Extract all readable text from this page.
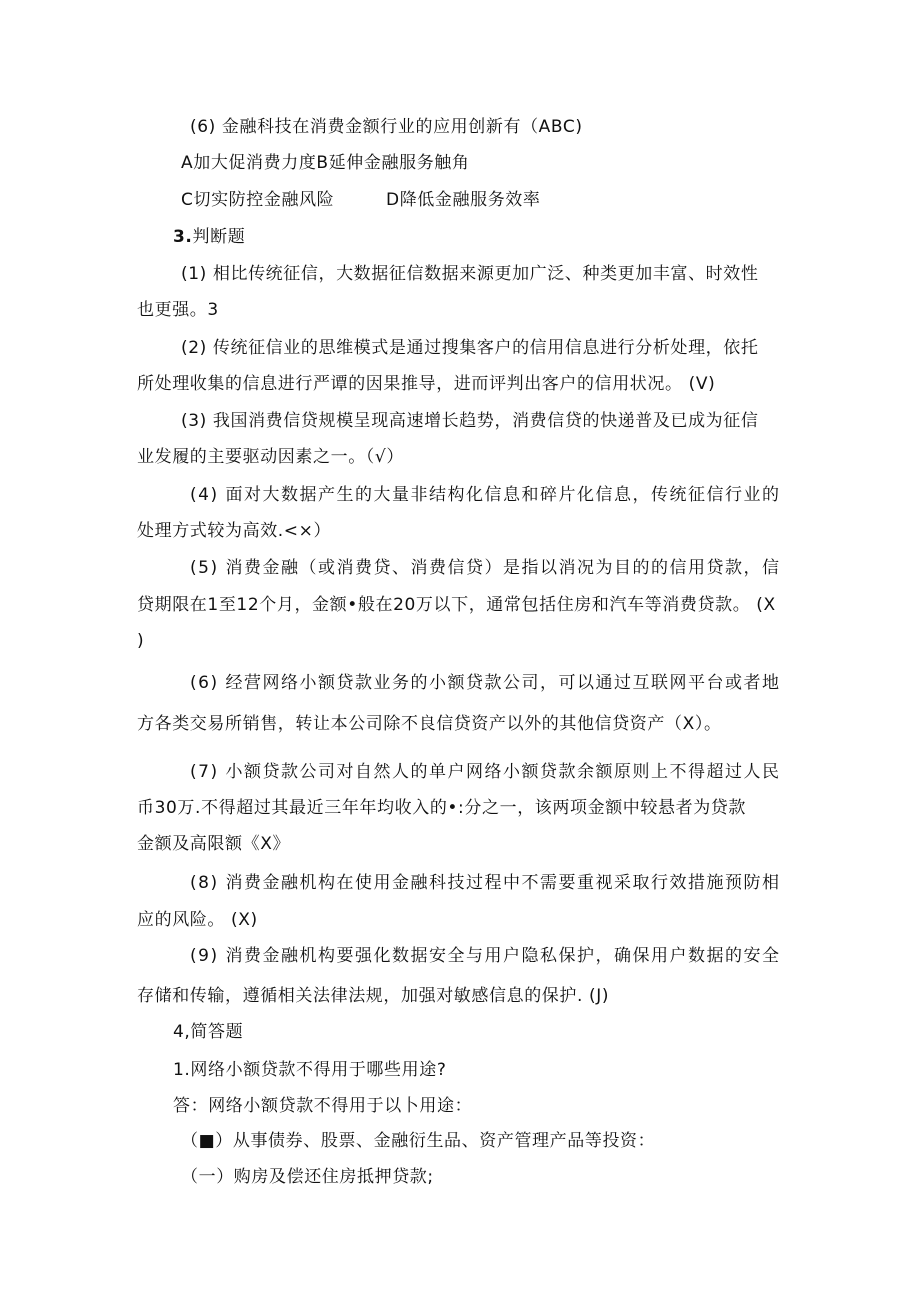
(6) 金融科技在消费金额行业的应用创新有（ABC)
A加大促消费力度B延伸金融服务触角
C切实防控金融风险	D降低金融服务效率
3.判断题
(1) 相比传统征信，大数据征信数据来源更加广泛、种类更加丰富、时效性
也更强。3
(2) 传统征信业的思维模式是通过搜集客户的信用信息进行分析处理，依托
所处理收集的信息进行严谭的因果推导，进而评判出客户的信用状况。 (V)
(3) 我国消费信贷规模呈现高速增长趋势，消费信贷的快递普及已成为征信
业发履的主要驱动因素之一。（√）
(4) 面对大数据产生的大量非结构化信息和碎片化信息，传统征信行业的
处理方式较为高效.<×）
(5) 消费金融（或消费贷、消费信贷）是指以消况为目的的信用贷款，信
贷期限在1至12个月，金额•般在20万以下，通常包括住房和汽车等消费贷款。 (X
)
(6) 经营网络小额贷款业务的小额贷款公司，可以通过互联网平台或者地
方各类交易所销售，转让本公司除不良信贷资产以外的其他信贷资产（X）。
(7) 小额贷款公司对自然人的单户网络小额贷款余额原则上不得超过人民
币30万.不得超过其最近三年年均收入的•:分之一，该两项金额中较悬者为贷款
金额及高限额《X》
(8) 消费金融机构在使用金融科技过程中不需要重视采取行效措施预防相
应的风险。 (X)
(9) 消费金融机构要强化数据安全与用户隐私保护，确保用户数据的安全
存储和传输，遵循相关法律法规，加强对敏感信息的保护. (J)
4,简答题
1.网络小额贷款不得用于哪些用途?
答：网络小额贷款不得用于以卜用途：
（■）从事债券、股票、金融衍生品、资产管理产品等投资：
（一）购房及偿还住房抵押贷款;
